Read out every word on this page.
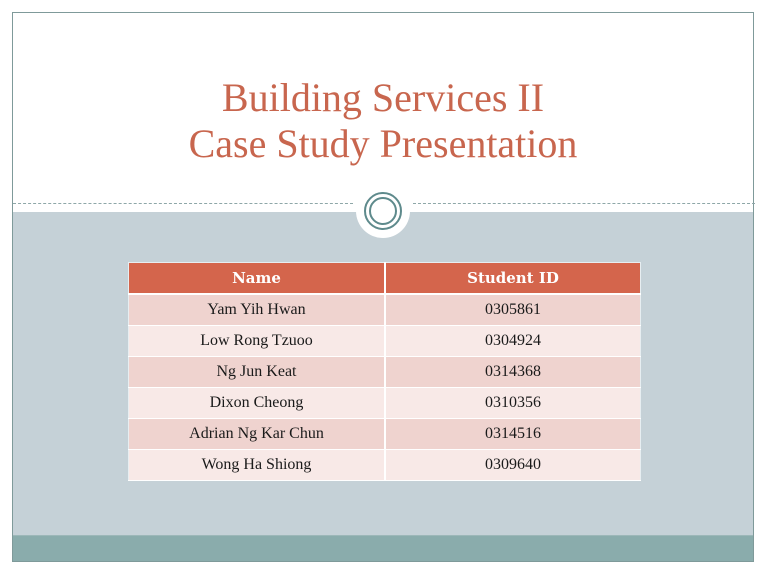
Building Services II
Case Study Presentation
Name	Student ID
Yam Yih Hwan	0305861
Low Rong Tzuoo	0304924
Ng Jun Keat	0314368
Dixon Cheong	0310356
Adrian Ng Kar Chun	0314516
Wong Ha Shiong	0309640
